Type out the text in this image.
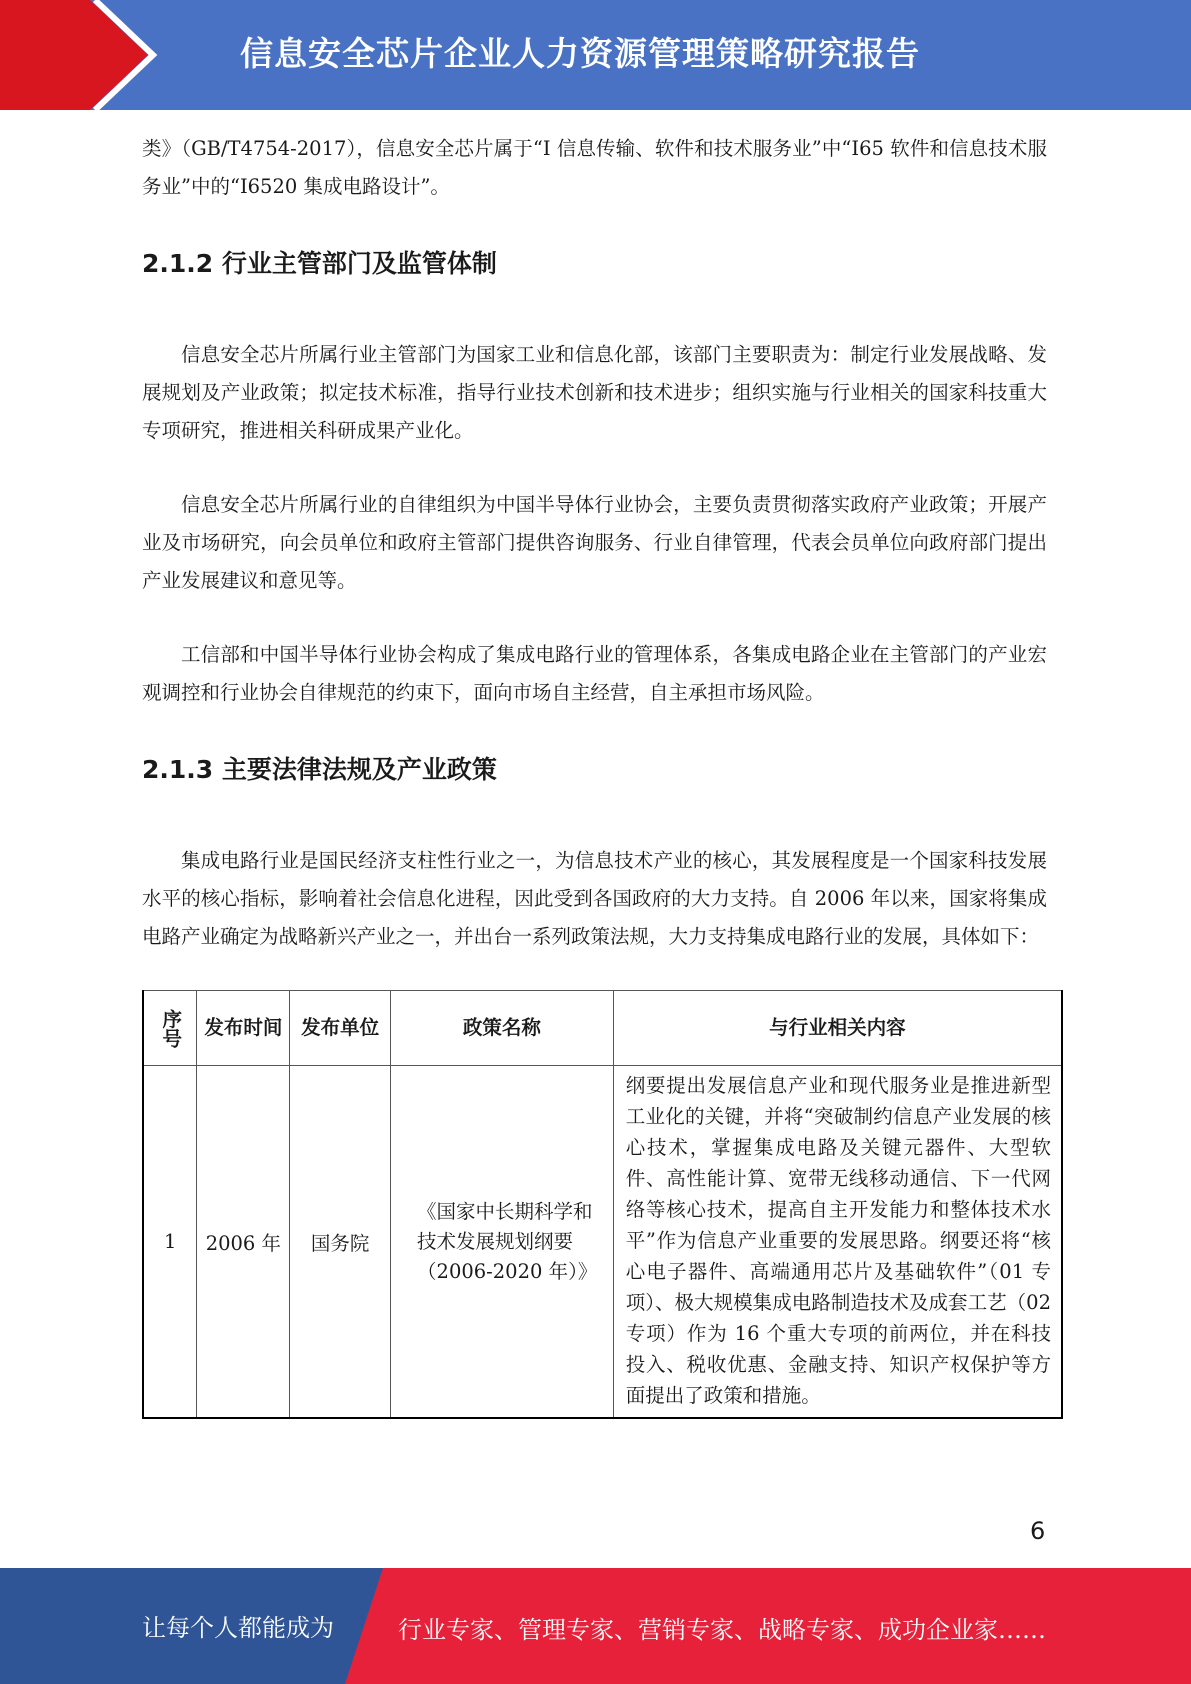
信息安全芯片企业人力资源管理策略研究报告

类》（GB/T4754-2017），信息安全芯片属于“I 信息传输、软件和技术服务业”中“I65 软件和信息技术服务业”中的“I6520 集成电路设计”。

2.1.2 行业主管部门及监管体制

信息安全芯片所属行业主管部门为国家工业和信息化部，该部门主要职责为：制定行业发展战略、发展规划及产业政策；拟定技术标准，指导行业技术创新和技术进步；组织实施与行业相关的国家科技重大专项研究，推进相关科研成果产业化。

信息安全芯片所属行业的自律组织为中国半导体行业协会，主要负责贯彻落实政府产业政策；开展产业及市场研究，向会员单位和政府主管部门提供咨询服务、行业自律管理，代表会员单位向政府部门提出产业发展建议和意见等。

工信部和中国半导体行业协会构成了集成电路行业的管理体系，各集成电路企业在主管部门的产业宏观调控和行业协会自律规范的约束下，面向市场自主经营，自主承担市场风险。

2.1.3 主要法律法规及产业政策

集成电路行业是国民经济支柱性行业之一，为信息技术产业的核心，其发展程度是一个国家科技发展水平的核心指标，影响着社会信息化进程，因此受到各国政府的大力支持。自 2006 年以来，国家将集成电路产业确定为战略新兴产业之一，并出台一系列政策法规，大力支持集成电路行业的发展，具体如下：

序号	发布时间	发布单位	政策名称	与行业相关内容
1	2006 年	国务院	《国家中长期科学和技术发展规划纲要（2006-2020 年）》	纲要提出发展信息产业和现代服务业是推进新型工业化的关键，并将“突破制约信息产业发展的核心技术，掌握集成电路及关键元器件、大型软件、高性能计算、宽带无线移动通信、下一代网络等核心技术，提高自主开发能力和整体技术水平”作为信息产业重要的发展思路。纲要还将“核心电子器件、高端通用芯片及基础软件”（01 专项）、极大规模集成电路制造技术及成套工艺（02 专项）作为 16 个重大专项的前两位，并在科技投入、税收优惠、金融支持、知识产权保护等方面提出了政策和措施。
6
让每个人都能成为	行业专家、管理专家、营销专家、战略专家、成功企业家……
